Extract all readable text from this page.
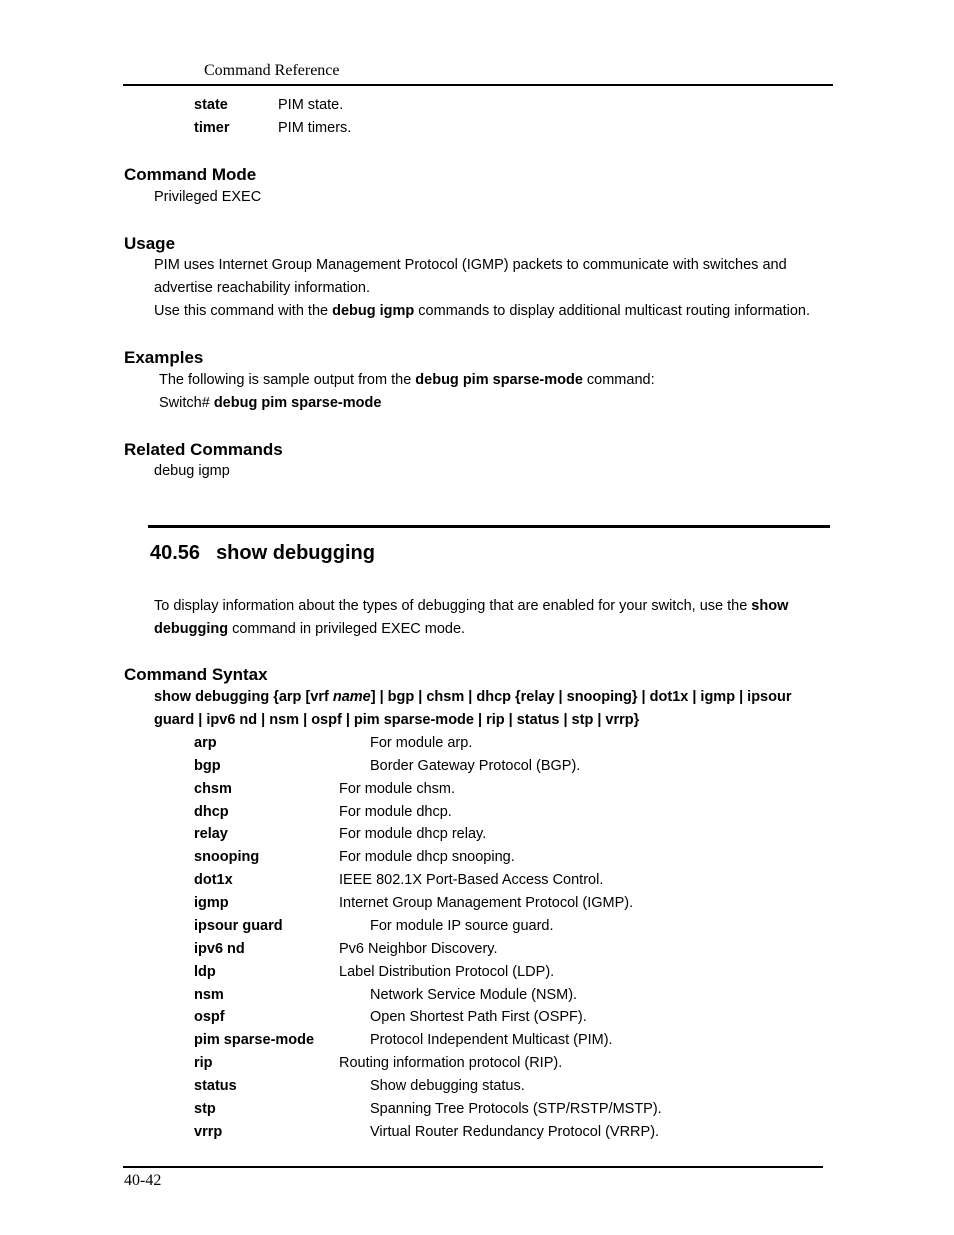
Command Reference
state	PIM state.
timer	PIM timers.
Command Mode
Privileged EXEC
Usage
PIM uses Internet Group Management Protocol (IGMP) packets to communicate with switches and
advertise reachability information.
Use this command with the debug igmp commands to display additional multicast routing information.
Examples
The following is sample output from the debug pim sparse-mode command:
Switch# debug pim sparse-mode
Related Commands
debug igmp
40.56 show debugging
To display information about the types of debugging that are enabled for your switch, use the show
debugging command in privileged EXEC mode.
Command Syntax
show debugging {arp [vrf name] | bgp | chsm | dhcp {relay | snooping} | dot1x | igmp | ipsour
guard | ipv6 nd | nsm | ospf | pim sparse-mode | rip | status | stp | vrrp}
arp	For module arp.
bgp	Border Gateway Protocol (BGP).
chsm	For module chsm.
dhcp	For module dhcp.
relay	For module dhcp relay.
snooping	For module dhcp snooping.
dot1x	IEEE 802.1X Port-Based Access Control.
igmp	Internet Group Management Protocol (IGMP).
ipsour guard	For module IP source guard.
ipv6 nd	Pv6 Neighbor Discovery.
ldp	Label Distribution Protocol (LDP).
nsm	Network Service Module (NSM).
ospf	Open Shortest Path First (OSPF).
pim sparse-mode	Protocol Independent Multicast (PIM).
rip	Routing information protocol (RIP).
status	Show debugging status.
stp	Spanning Tree Protocols (STP/RSTP/MSTP).
vrrp	Virtual Router Redundancy Protocol (VRRP).
40-42
